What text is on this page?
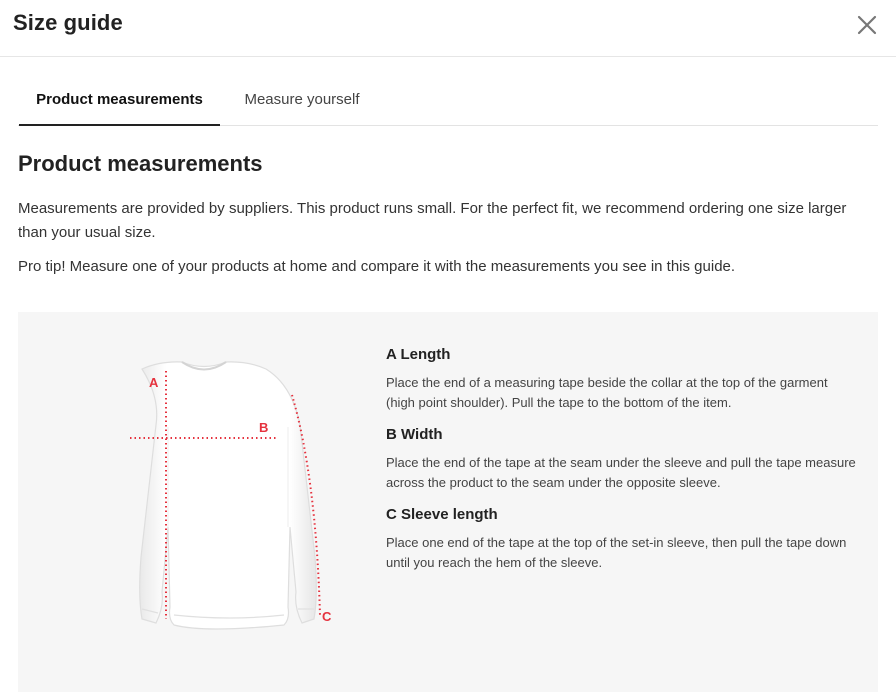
Size guide
Product measurements	Measure yourself
Product measurements
Measurements are provided by suppliers. This product runs small. For the perfect fit, we recommend ordering one size larger than your usual size.
Pro tip! Measure one of your products at home and compare it with the measurements you see in this guide.
A
B
C
A Length
Place the end of a measuring tape beside the collar at the top of the garment (high point shoulder). Pull the tape to the bottom of the item.
B Width
Place the end of the tape at the seam under the sleeve and pull the tape measure across the product to the seam under the opposite sleeve.
C Sleeve length
Place one end of the tape at the top of the set-in sleeve, then pull the tape down until you reach the hem of the sleeve.
